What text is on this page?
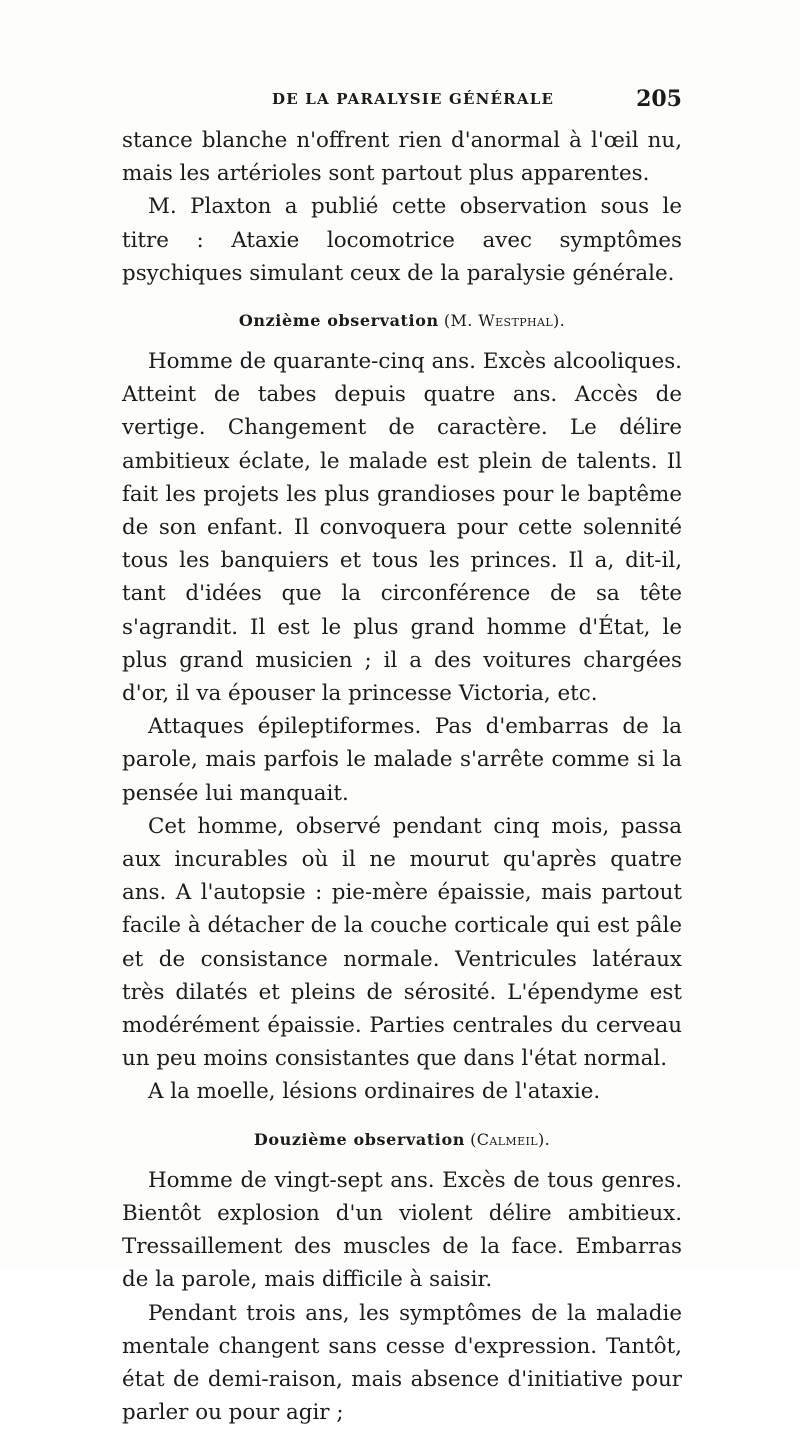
DE LA PARALYSIE GÉNÉRALE	205

stance blanche n'offrent rien d'anormal à l'œil nu, mais les artérioles sont partout plus apparentes.

M. Plaxton a publié cette observation sous le titre : Ataxie locomotrice avec symptômes psychiques simulant ceux de la paralysie générale.

Onzième observation (M. Westphal).

Homme de quarante-cinq ans. Excès alcooliques. Atteint de tabes depuis quatre ans. Accès de vertige. Changement de caractère. Le délire ambitieux éclate, le malade est plein de talents. Il fait les projets les plus grandioses pour le baptême de son enfant. Il convoquera pour cette solennité tous les banquiers et tous les princes. Il a, dit-il, tant d'idées que la circonférence de sa tête s'agrandit. Il est le plus grand homme d'État, le plus grand musicien ; il a des voitures chargées d'or, il va épouser la princesse Victoria, etc.

Attaques épileptiformes. Pas d'embarras de la parole, mais parfois le malade s'arrête comme si la pensée lui manquait.

Cet homme, observé pendant cinq mois, passa aux incurables où il ne mourut qu'après quatre ans. A l'autopsie : pie-mère épaissie, mais partout facile à détacher de la couche corticale qui est pâle et de consistance normale. Ventricules latéraux très dilatés et pleins de sérosité. L'épendyme est modérément épaissie. Parties centrales du cerveau un peu moins consistantes que dans l'état normal.

A la moelle, lésions ordinaires de l'ataxie.

Douzième observation (Calmeil).

Homme de vingt-sept ans. Excès de tous genres. Bientôt explosion d'un violent délire ambitieux. Tressaillement des muscles de la face. Embarras de la parole, mais difficile à saisir.

Pendant trois ans, les symptômes de la maladie mentale changent sans cesse d'expression. Tantôt, état de demi-raison, mais absence d'initiative pour parler ou pour agir ;
